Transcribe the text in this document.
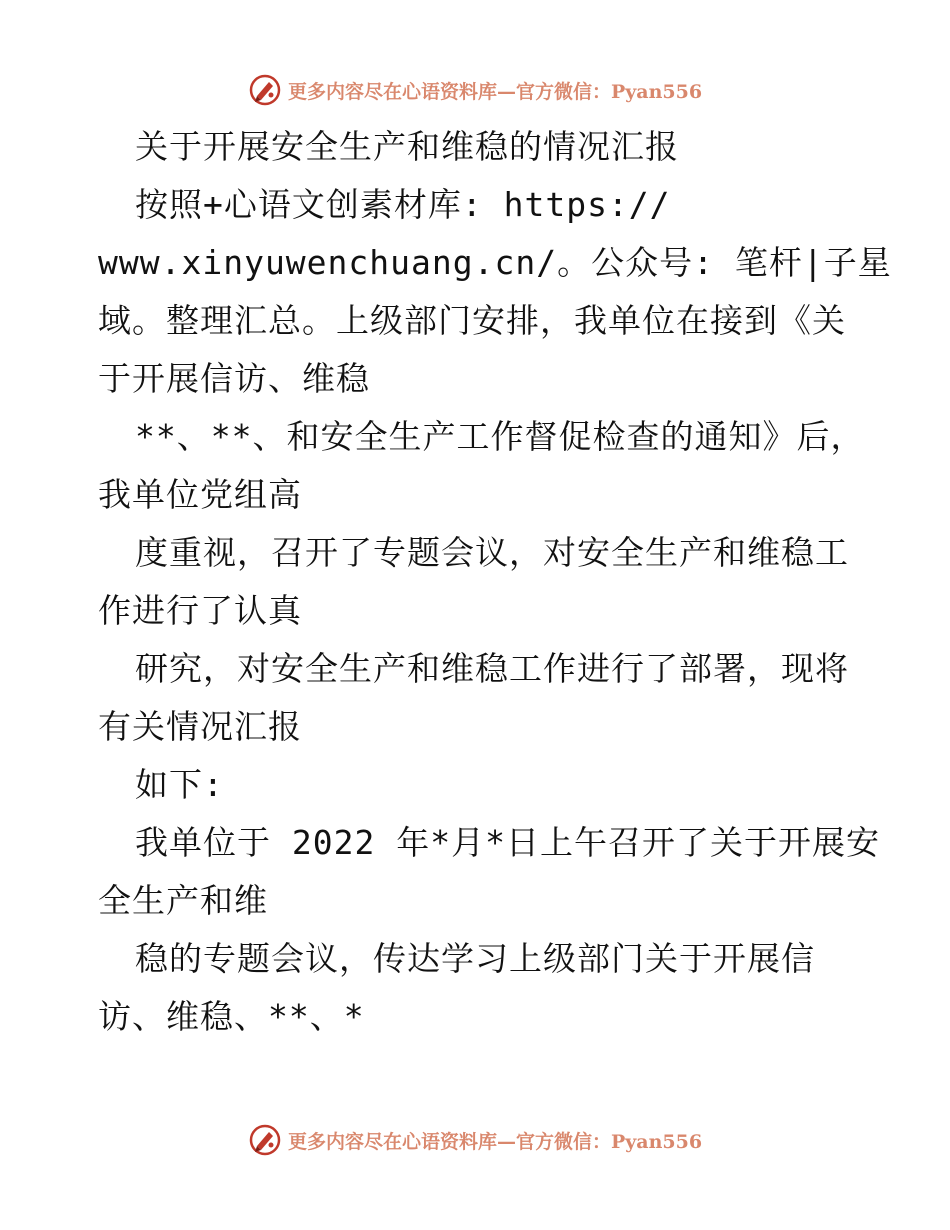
更多内容尽在心语资料库—官方微信：Pyan556
关于开展安全生产和维稳的情况汇报
按照+心语文创素材库: https://
www.xinyuwenchuang.cn/。公众号: 笔杆|子星
域。整理汇总。上级部门安排，我单位在接到《关
于开展信访、维稳
**、**、和安全生产工作督促检查的通知》后，
我单位党组高
度重视，召开了专题会议，对安全生产和维稳工
作进行了认真
研究，对安全生产和维稳工作进行了部署，现将
有关情况汇报
如下:
我单位于 2022 年*月*日上午召开了关于开展安
全生产和维
稳的专题会议，传达学习上级部门关于开展信
访、维稳、**、*
更多内容尽在心语资料库—官方微信：Pyan556
